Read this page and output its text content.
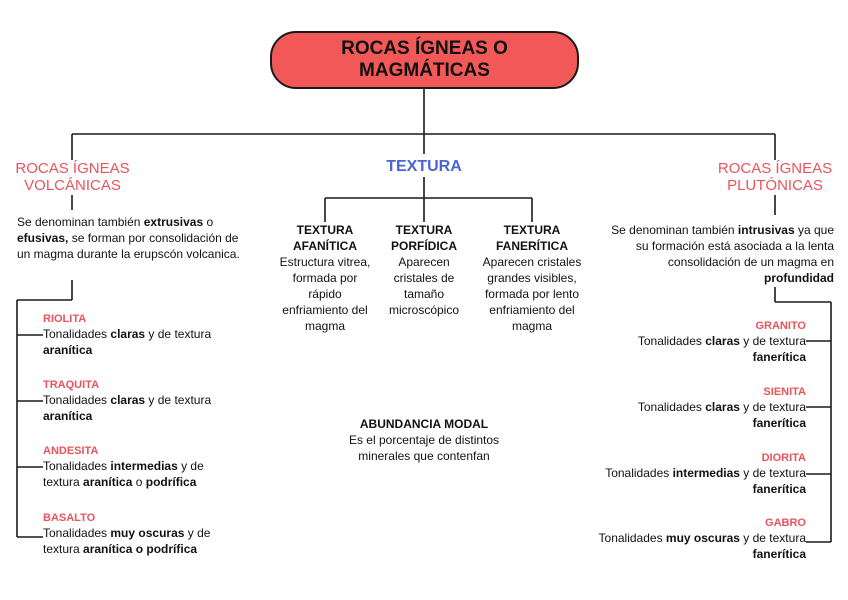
ROCAS ÍGNEAS O MAGMÁTICAS
ROCAS ÍGNEAS VOLCÁNICAS
Se denominan también extrusivas o efusivas, se forman por consolidación de un magma durante la erupscón volcanica.
RIOLITA
Tonalidades claras y de textura aranítica
TRAQUITA
Tonalidades claras y de textura aranítica
ANDESITA
Tonalidades intermedias y de textura aranítica o podrífica
BASALTO
Tonalidades muy oscuras y de textura aranítica o podrífica
TEXTURA
TEXTURA AFANÍTICA
Estructura vitrea, formada por rápido enfriamiento del magma
TEXTURA PORFÍDICA
Aparecen cristales de tamaño microscópico
TEXTURA FANERÍTICA
Aparecen cristales grandes visibles, formada por lento enfriamiento del magma
ABUNDANCIA MODAL
Es el porcentaje de distintos minerales que contenfan
ROCAS ÍGNEAS PLUTÓNICAS
Se denominan también intrusivas ya que su formación está asociada a la lenta consolidación de un magma en profundidad
GRANITO
Tonalidades claras y de textura fanerítica
SIENITA
Tonalidades claras y de textura fanerítica
DIORITA
Tonalidades intermedias y de textura fanerítica
GABRO
Tonalidades muy oscuras y de textura fanerítica
